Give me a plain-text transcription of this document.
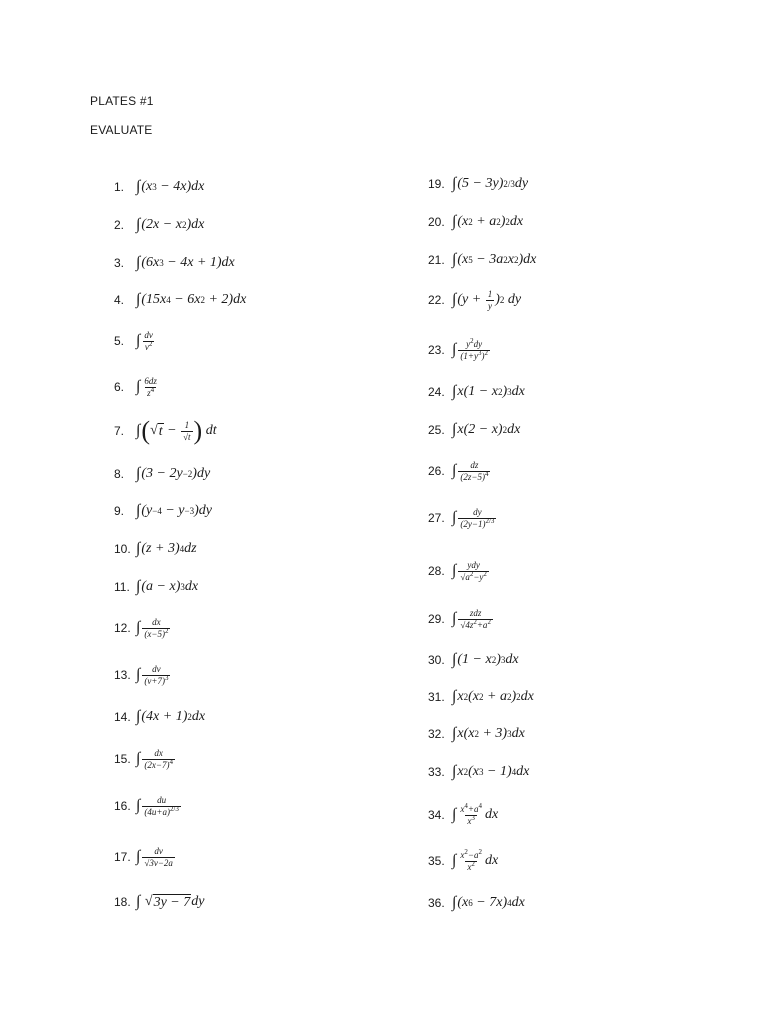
PLATES #1
EVALUATE
1. ∫ (x 3 − 4x)dx
2. ∫ (2x − x 2 )dx
3. ∫ (6x 3 − 4x + 1)dx
4. ∫ (15x 4 − 6x 2 + 2)dx
5. ∫ dv
$v^2$
6. ∫ 6dz
$z^4$
7. ∫ ( √ t − 1
√t ) dt
8. ∫ (3 − 2y −2 )dy
9. ∫ (y −4 − y −3 )dy
10. ∫ (z + 3) 4 dz
11. ∫ (a − x) 3 dx
12. ∫ dx
$(x-5)^2$
13. ∫ dv
$(v+7)^3$
14. ∫ (4x + 1) 2 dx
15. ∫ dx
$(2x-7)^4$
16. ∫ du
$(4u+a)^{2/3}$
17. ∫ dv
√3v−2a
18. ∫
√ 3y − 7 dy
19. ∫ (5 − 3y) 2/3 dy
20. ∫ (x 2 + a 2 ) 2 dx
21. ∫ (x 5 − 3a 2 x 2 )dx
22. ∫ (y + 1
y ) 2 dy
23. ∫ $y^2dy$
$(1+y^3)^2$
24. ∫ x(1 − x 2 ) 3 dx
25. ∫ x(2 − x) 2 dx
26. ∫ dz
$(2z-5)^4$
27. ∫ dy
$(2y-1)^{2/3}$
28. ∫ ydy
$√a^2-y^2$
29. ∫ zdz
$√4z^2+a^2$
30. ∫ (1 − x 2 ) 3 dx
31. ∫ x 2 (x 2 + a 2 ) 2 dx
32. ∫ x(x 2 + 3) 3 dx
33. ∫ x 2 (x 3 − 1) 4 dx
34. ∫ $x^4+a^4$
$x^3$ dx
35. ∫ $x^2-a^2$
$x^2$ dx
36. ∫ (x 6 − 7x) 4 dx
